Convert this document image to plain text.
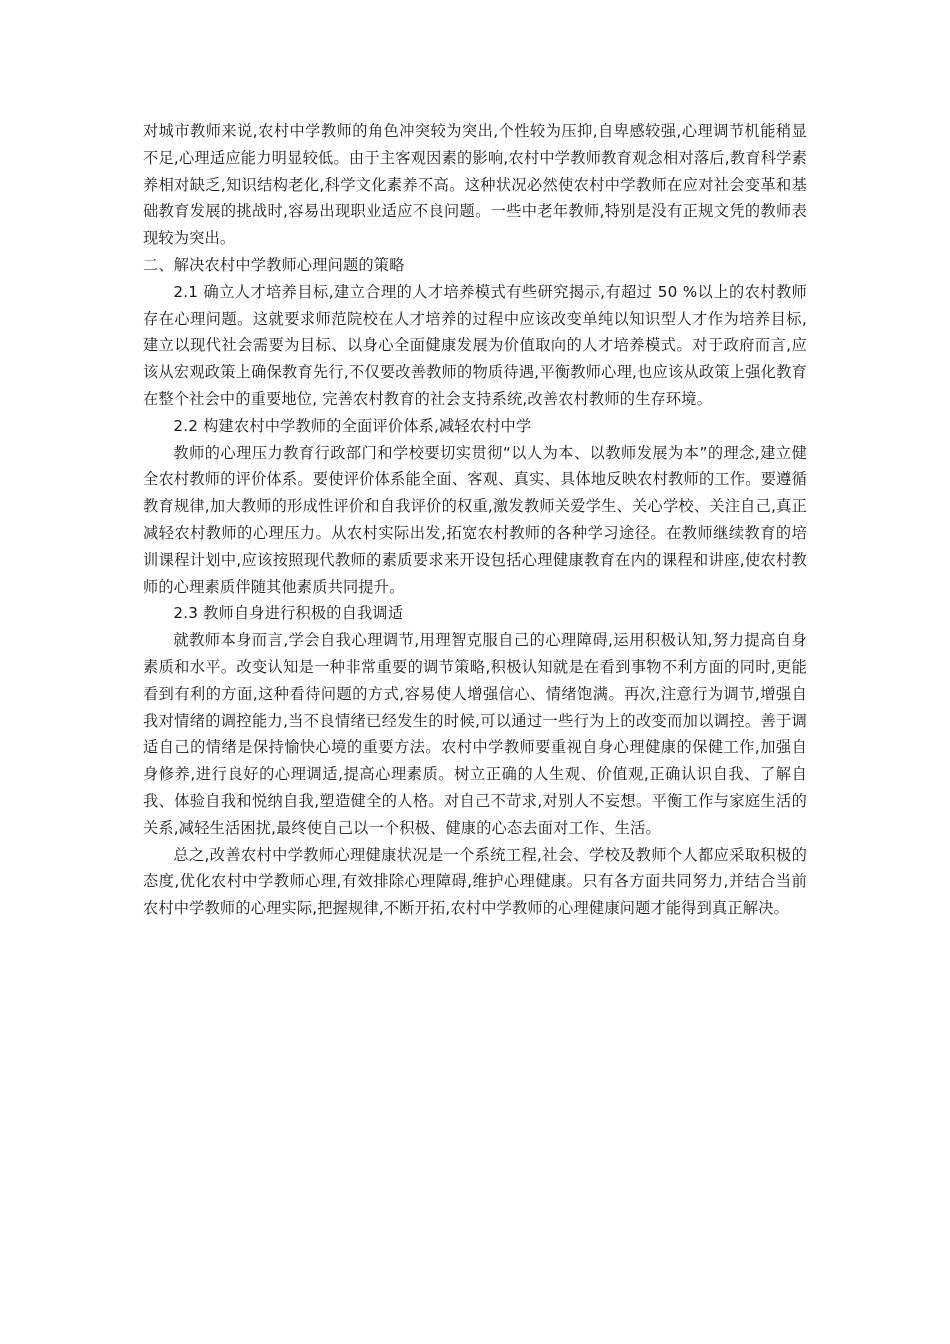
对城市教师来说,农村中学教师的角色冲突较为突出,个性较为压抑,自卑感较强,心理调节机能稍显不足,心理适应能力明显较低。由于主客观因素的影响,农村中学教师教育观念相对落后,教育科学素养相对缺乏,知识结构老化,科学文化素养不高。这种状况必然使农村中学教师在应对社会变革和基础教育发展的挑战时,容易出现职业适应不良问题。一些中老年教师,特别是没有正规文凭的教师表现较为突出。

二、解决农村中学教师心理问题的策略

2.1 确立人才培养目标,建立合理的人才培养模式有些研究揭示,有超过 50 %以上的农村教师存在心理问题。这就要求师范院校在人才培养的过程中应该改变单纯以知识型人才作为培养目标,建立以现代社会需要为目标、以身心全面健康发展为价值取向的人才培养模式。对于政府而言,应该从宏观政策上确保教育先行,不仅要改善教师的物质待遇,平衡教师心理,也应该从政策上强化教育在整个社会中的重要地位, 完善农村教育的社会支持系统,改善农村教师的生存环境。

2.2 构建农村中学教师的全面评价体系,减轻农村中学

教师的心理压力教育行政部门和学校要切实贯彻“以人为本、以教师发展为本”的理念,建立健全农村教师的评价体系。要使评价体系能全面、客观、真实、具体地反映农村教师的工作。要遵循教育规律,加大教师的形成性评价和自我评价的权重,激发教师关爱学生、关心学校、关注自己,真正减轻农村教师的心理压力。从农村实际出发,拓宽农村教师的各种学习途径。在教师继续教育的培训课程计划中,应该按照现代教师的素质要求来开设包括心理健康教育在内的课程和讲座,使农村教师的心理素质伴随其他素质共同提升。

2.3 教师自身进行积极的自我调适

就教师本身而言,学会自我心理调节,用理智克服自己的心理障碍,运用积极认知,努力提高自身素质和水平。改变认知是一种非常重要的调节策略,积极认知就是在看到事物不利方面的同时,更能看到有利的方面,这种看待问题的方式,容易使人增强信心、情绪饱满。再次,注意行为调节,增强自我对情绪的调控能力,当不良情绪已经发生的时候,可以通过一些行为上的改变而加以调控。善于调适自己的情绪是保持愉快心境的重要方法。农村中学教师要重视自身心理健康的保健工作,加强自身修养,进行良好的心理调适,提高心理素质。树立正确的人生观、价值观,正确认识自我、了解自我、体验自我和悦纳自我,塑造健全的人格。对自己不苛求,对别人不妄想。平衡工作与家庭生活的关系,减轻生活困扰,最终使自己以一个积极、健康的心态去面对工作、生活。

总之,改善农村中学教师心理健康状况是一个系统工程,社会、学校及教师个人都应采取积极的态度,优化农村中学教师心理,有效排除心理障碍,维护心理健康。只有各方面共同努力,并结合当前农村中学教师的心理实际,把握规律,不断开拓,农村中学教师的心理健康问题才能得到真正解决。
